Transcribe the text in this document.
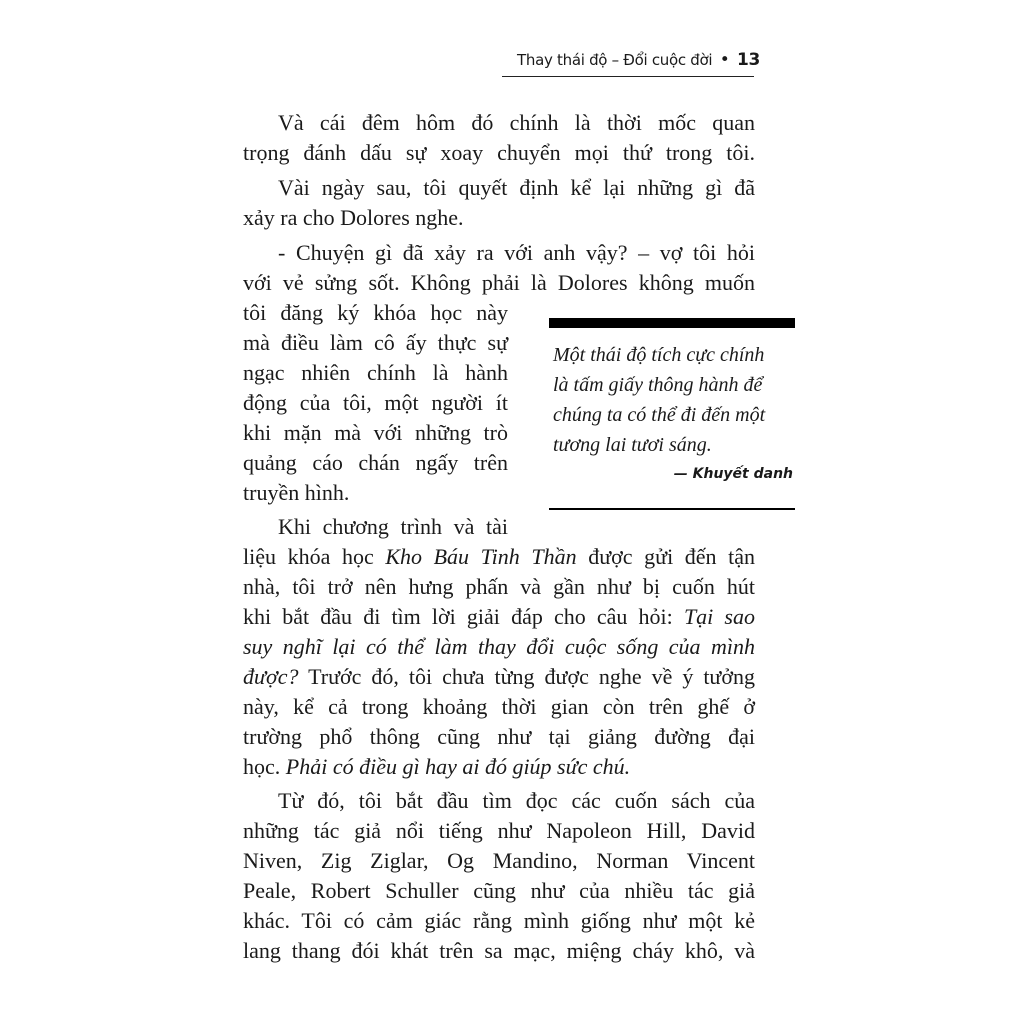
Thay thái độ – Đổi cuộc đời • 13
Và cái đêm hôm đó chính là thời mốc quan
trọng đánh dấu sự xoay chuyển mọi thứ trong tôi.
Vài ngày sau, tôi quyết định kể lại những gì đã
xảy ra cho Dolores nghe.
- Chuyện gì đã xảy ra với anh vậy? – vợ tôi hỏi
với vẻ sửng sốt. Không phải là Dolores không muốn
tôi đăng ký khóa học này
mà điều làm cô ấy thực sự
ngạc nhiên chính là hành
động của tôi, một người ít
khi mặn mà với những trò
quảng cáo chán ngấy trên
truyền hình.
Khi chương trình và tài
liệu khóa học Kho Báu Tinh Thần được gửi đến tận
nhà, tôi trở nên hưng phấn và gần như bị cuốn hút
khi bắt đầu đi tìm lời giải đáp cho câu hỏi: Tại sao
suy nghĩ lại có thể làm thay đổi cuộc sống của mình
được? Trước đó, tôi chưa từng được nghe về ý tưởng
này, kể cả trong khoảng thời gian còn trên ghế ở
trường phổ thông cũng như tại giảng đường đại
học. Phải có điều gì hay ai đó giúp sức chú.
Từ đó, tôi bắt đầu tìm đọc các cuốn sách của
những tác giả nổi tiếng như Napoleon Hill, David
Niven, Zig Ziglar, Og Mandino, Norman Vincent
Peale, Robert Schuller cũng như của nhiều tác giả
khác. Tôi có cảm giác rằng mình giống như một kẻ
lang thang đói khát trên sa mạc, miệng cháy khô, và
Một thái độ tích cực chính
là tấm giấy thông hành để
chúng ta có thể đi đến một
tương lai tươi sáng.
— Khuyết danh
